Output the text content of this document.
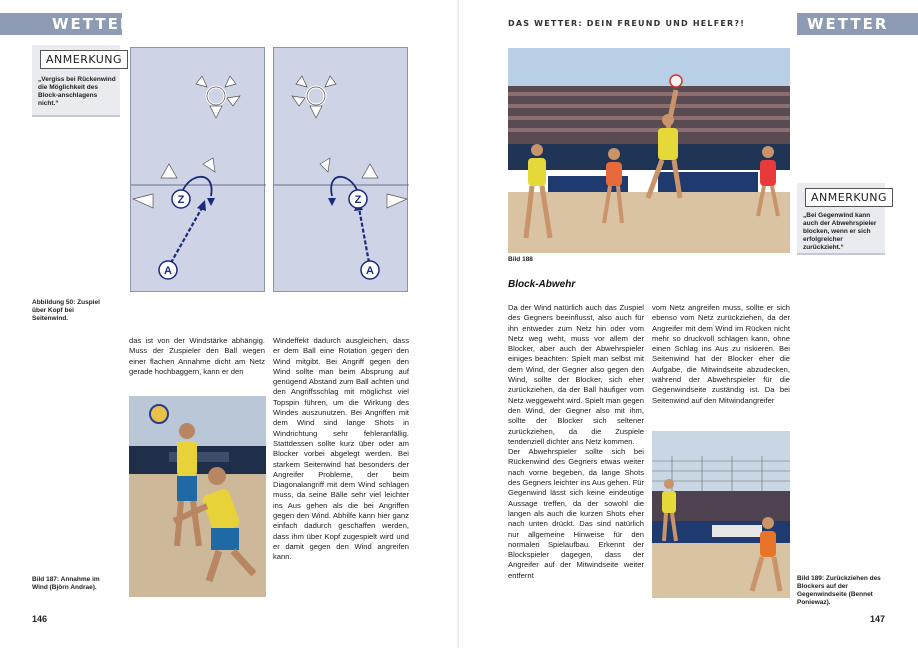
WETTER
ANMERKUNG
„Vergiss bei Rückenwind die Möglichkeit des Block-anschlagens nicht.“
Z
A
Z
A
Abbildung 50: Zuspiel über Kopf bei Seitenwind.

das ist von der Windstärke abhängig. Muss der Zuspieler den Ball wegen einer flachen Annahme dicht am Netz gerade hochbaggern, kann er den

Windeffekt dadurch ausgleichen, dass er dem Ball eine Rotation gegen den Wind mitgibt. Bei Angriff gegen den Wind sollte man beim Absprung auf genügend Abstand zum Ball achten und den Angriffsschlag mit möglichst viel Topspin führen, um die Wirkung des Windes auszunutzen. Bei Angriffen mit dem Wind sind lange Shots in Windrichtung sehr fehleranfällig. Stattdessen sollte kurz über oder am Blocker vorbei abgelegt werden. Bei starkem Seitenwind hat besonders der Angreifer Probleme, der beim Diagonalangriff mit dem Wind schlagen muss, da seine Bälle sehr viel leichter ins Aus gehen als die bei Angriffen gegen den Wind. Abhilfe kann hier ganz einfach dadurch geschaffen werden, dass ihm über Kopf zugespielt wird und er damit gegen den Wind angreifen kann.

Bild 187: Annahme im Wind (Björn Andrae).
146
DAS WETTER: DEIN FREUND UND HELFER?!	WETTER
Bild 188
ANMERKUNG
„Bei Gegenwind kann auch der Abwehrspieler blocken, wenn er sich erfolgreicher zurückzieht.“
Block-Abwehr

Da der Wind natürlich auch das Zuspiel des Gegners beeinflusst, also auch für ihn entweder zum Netz hin oder vom Netz weg weht, muss vor allem der Blocker, aber auch der Abwehrspieler einiges beachten: Spielt man selbst mit dem Wind, der Gegner also gegen den Wind, sollte der Blocker, sich eher zurückziehen, da der Ball häufiger vom Netz weggeweht wird. Spielt man gegen den Wind, der Gegner also mit ihm, sollte der Blocker sich seltener zurückziehen, da die Zuspiele tendenziell dichter ans Netz kommen.

Der Abwehrspieler sollte sich bei Rückenwind des Gegners etwas weiter nach vorne begeben, da lange Shots des Gegners leichter ins Aus gehen. Für Gegenwind lässt sich keine eindeutige Aussage treffen, da der sowohl die langen als auch die kurzen Shots eher nach unten drückt. Das sind natürlich nur allgemeine Hinweise für den normalen Spielaufbau. Erkennt der Blockspieler dagegen, dass der Angreifer auf der Mitwindseite weiter entfernt

vom Netz angreifen muss, sollte er sich ebenso vom Netz zurückziehen, da der Angreifer mit dem Wind im Rücken nicht mehr so druckvoll schlagen kann, ohne einen Schlag ins Aus zu riskieren. Bei Seitenwind hat der Blocker eher die Aufgabe, die Mitwindseite abzudecken, während der Abwehrspieler für die Gegenwindseite zuständig ist. Da bei Seitenwind auf den Mitwindangreifer

Bild 189: Zurückziehen des Blockers auf der Gegenwindseite (Bennet Poniewaz).
147
